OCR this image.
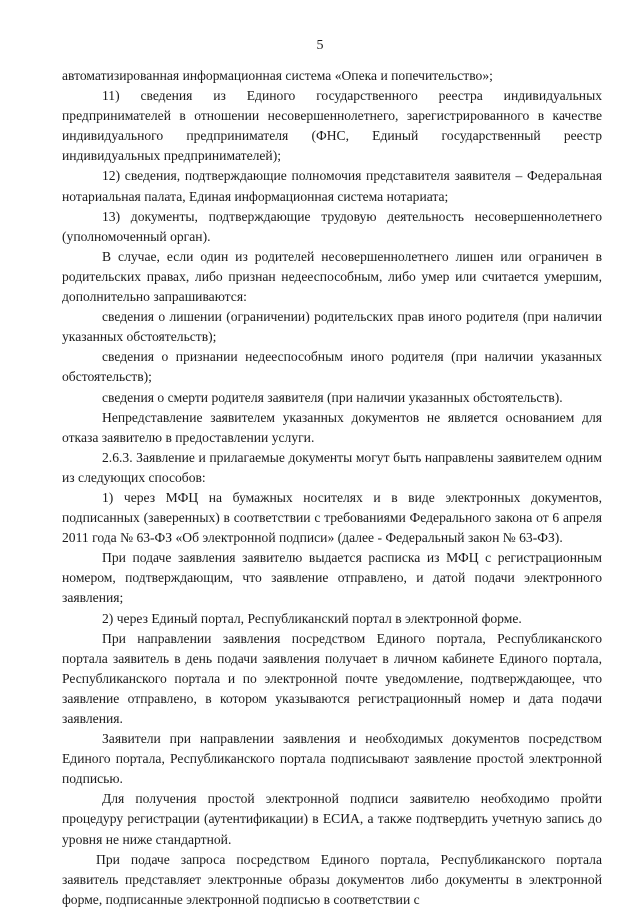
5

автоматизированная информационная система «Опека и попечительство»;

11) сведения из Единого государственного реестра индивидуальных предпринимателей в отношении несовершеннолетнего, зарегистрированного в качестве индивидуального предпринимателя (ФНС, Единый государственный реестр индивидуальных предпринимателей);

12) сведения, подтверждающие полномочия представителя заявителя – Федеральная нотариальная палата, Единая информационная система нотариата;

13) документы, подтверждающие трудовую деятельность несовершеннолетнего (уполномоченный орган).

В случае, если один из родителей несовершеннолетнего лишен или ограничен в родительских правах, либо признан недееспособным, либо умер или считается умершим, дополнительно запрашиваются:

сведения о лишении (ограничении) родительских прав иного родителя (при наличии указанных обстоятельств);

сведения о признании недееспособным иного родителя (при наличии указанных обстоятельств);

сведения о смерти родителя заявителя (при наличии указанных обстоятельств).

Непредставление заявителем указанных документов не является основанием для отказа заявителю в предоставлении услуги.

2.6.3. Заявление и прилагаемые документы могут быть направлены заявителем одним из следующих способов:

1) через МФЦ на бумажных носителях и в виде электронных документов, подписанных (заверенных) в соответствии с требованиями Федерального закона от 6 апреля 2011 года № 63-ФЗ «Об электронной подписи» (далее - Федеральный закон № 63-ФЗ).

При подаче заявления заявителю выдается расписка из МФЦ с регистрационным номером, подтверждающим, что заявление отправлено, и датой подачи электронного заявления;

2) через Единый портал, Республиканский портал в электронной форме.

При направлении заявления посредством Единого портала, Республиканского портала заявитель в день подачи заявления получает в личном кабинете Единого портала, Республиканского портала и по электронной почте уведомление, подтверждающее, что заявление отправлено, в котором указываются регистрационный номер и дата подачи заявления.

Заявители при направлении заявления и необходимых документов посредством Единого портала, Республиканского портала подписывают заявление простой электронной подписью.

Для получения простой электронной подписи заявителю необходимо пройти процедуру регистрации (аутентификации) в ЕСИА, а также подтвердить учетную запись до уровня не ниже стандартной.

При подаче запроса посредством Единого портала, Республиканского портала заявитель представляет электронные образы документов либо документы в электронной форме, подписанные электронной подписью в соответствии с
